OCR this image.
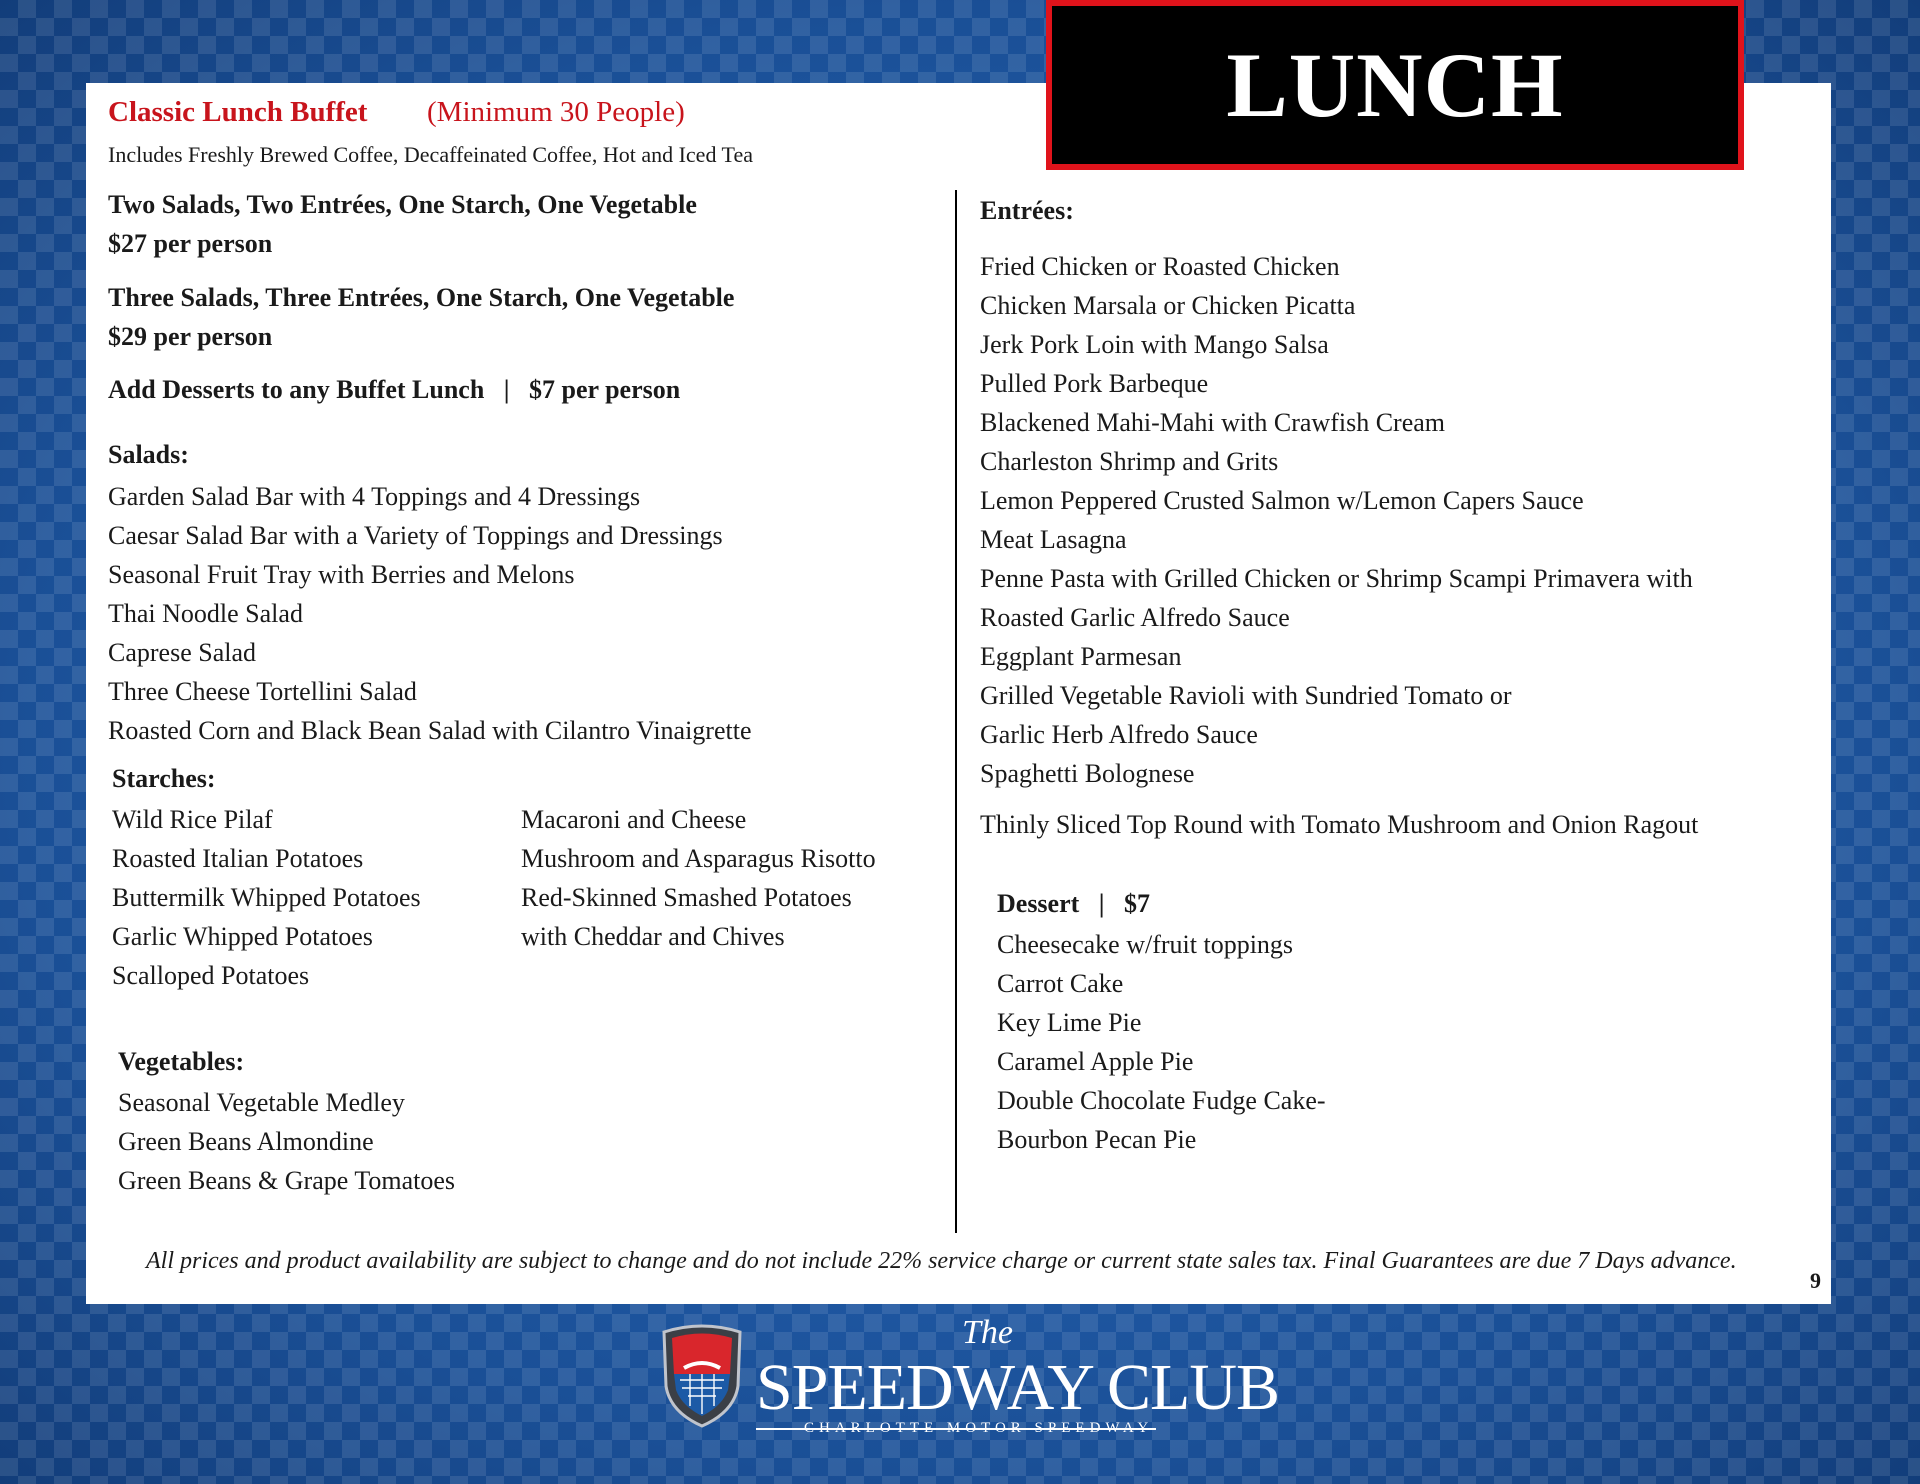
LUNCH
Classic Lunch Buffet (Minimum 30 People)
Includes Freshly Brewed Coffee, Decaffeinated Coffee, Hot and Iced Tea
Two Salads, Two Entrées, One Starch, One Vegetable
$27 per person
Three Salads, Three Entrées, One Starch, One Vegetable
$29 per person
Add Desserts to any Buffet Lunch   |   $7 per person
Salads:
Garden Salad Bar with 4 Toppings and 4 Dressings
Caesar Salad Bar with a Variety of Toppings and Dressings
Seasonal Fruit Tray with Berries and Melons
Thai Noodle Salad
Caprese Salad
Three Cheese Tortellini Salad
Roasted Corn and Black Bean Salad with Cilantro Vinaigrette
Starches:
Wild Rice Pilaf
Roasted Italian Potatoes
Buttermilk Whipped Potatoes
Garlic Whipped Potatoes
Scalloped Potatoes
Macaroni and Cheese
Mushroom and Asparagus Risotto
Red-Skinned Smashed Potatoes
with Cheddar and Chives
Vegetables:
Seasonal Vegetable Medley
Green Beans Almondine
Green Beans & Grape Tomatoes
Entrées:
Fried Chicken or Roasted Chicken
Chicken Marsala or Chicken Picatta
Jerk Pork Loin with Mango Salsa
Pulled Pork Barbeque
Blackened Mahi-Mahi with Crawfish Cream
Charleston Shrimp and Grits
Lemon Peppered Crusted Salmon w/Lemon Capers Sauce
Meat Lasagna
Penne Pasta with Grilled Chicken or Shrimp Scampi Primavera with
Roasted Garlic Alfredo Sauce
Eggplant Parmesan
Grilled Vegetable Ravioli with Sundried Tomato or
Garlic Herb Alfredo Sauce
Spaghetti Bolognese
Thinly Sliced Top Round with Tomato Mushroom and Onion Ragout
Dessert   |   $7
Cheesecake w/fruit toppings
Carrot Cake
Key Lime Pie
Caramel Apple Pie
Double Chocolate Fudge Cake-
Bourbon Pecan Pie
All prices and product availability are subject to change and do not include 22% service charge or current state sales tax. Final Guarantees are due 7 Days advance.
9
The
SPEEDWAY CLUB
CHARLOTTE MOTOR SPEEDWAY
